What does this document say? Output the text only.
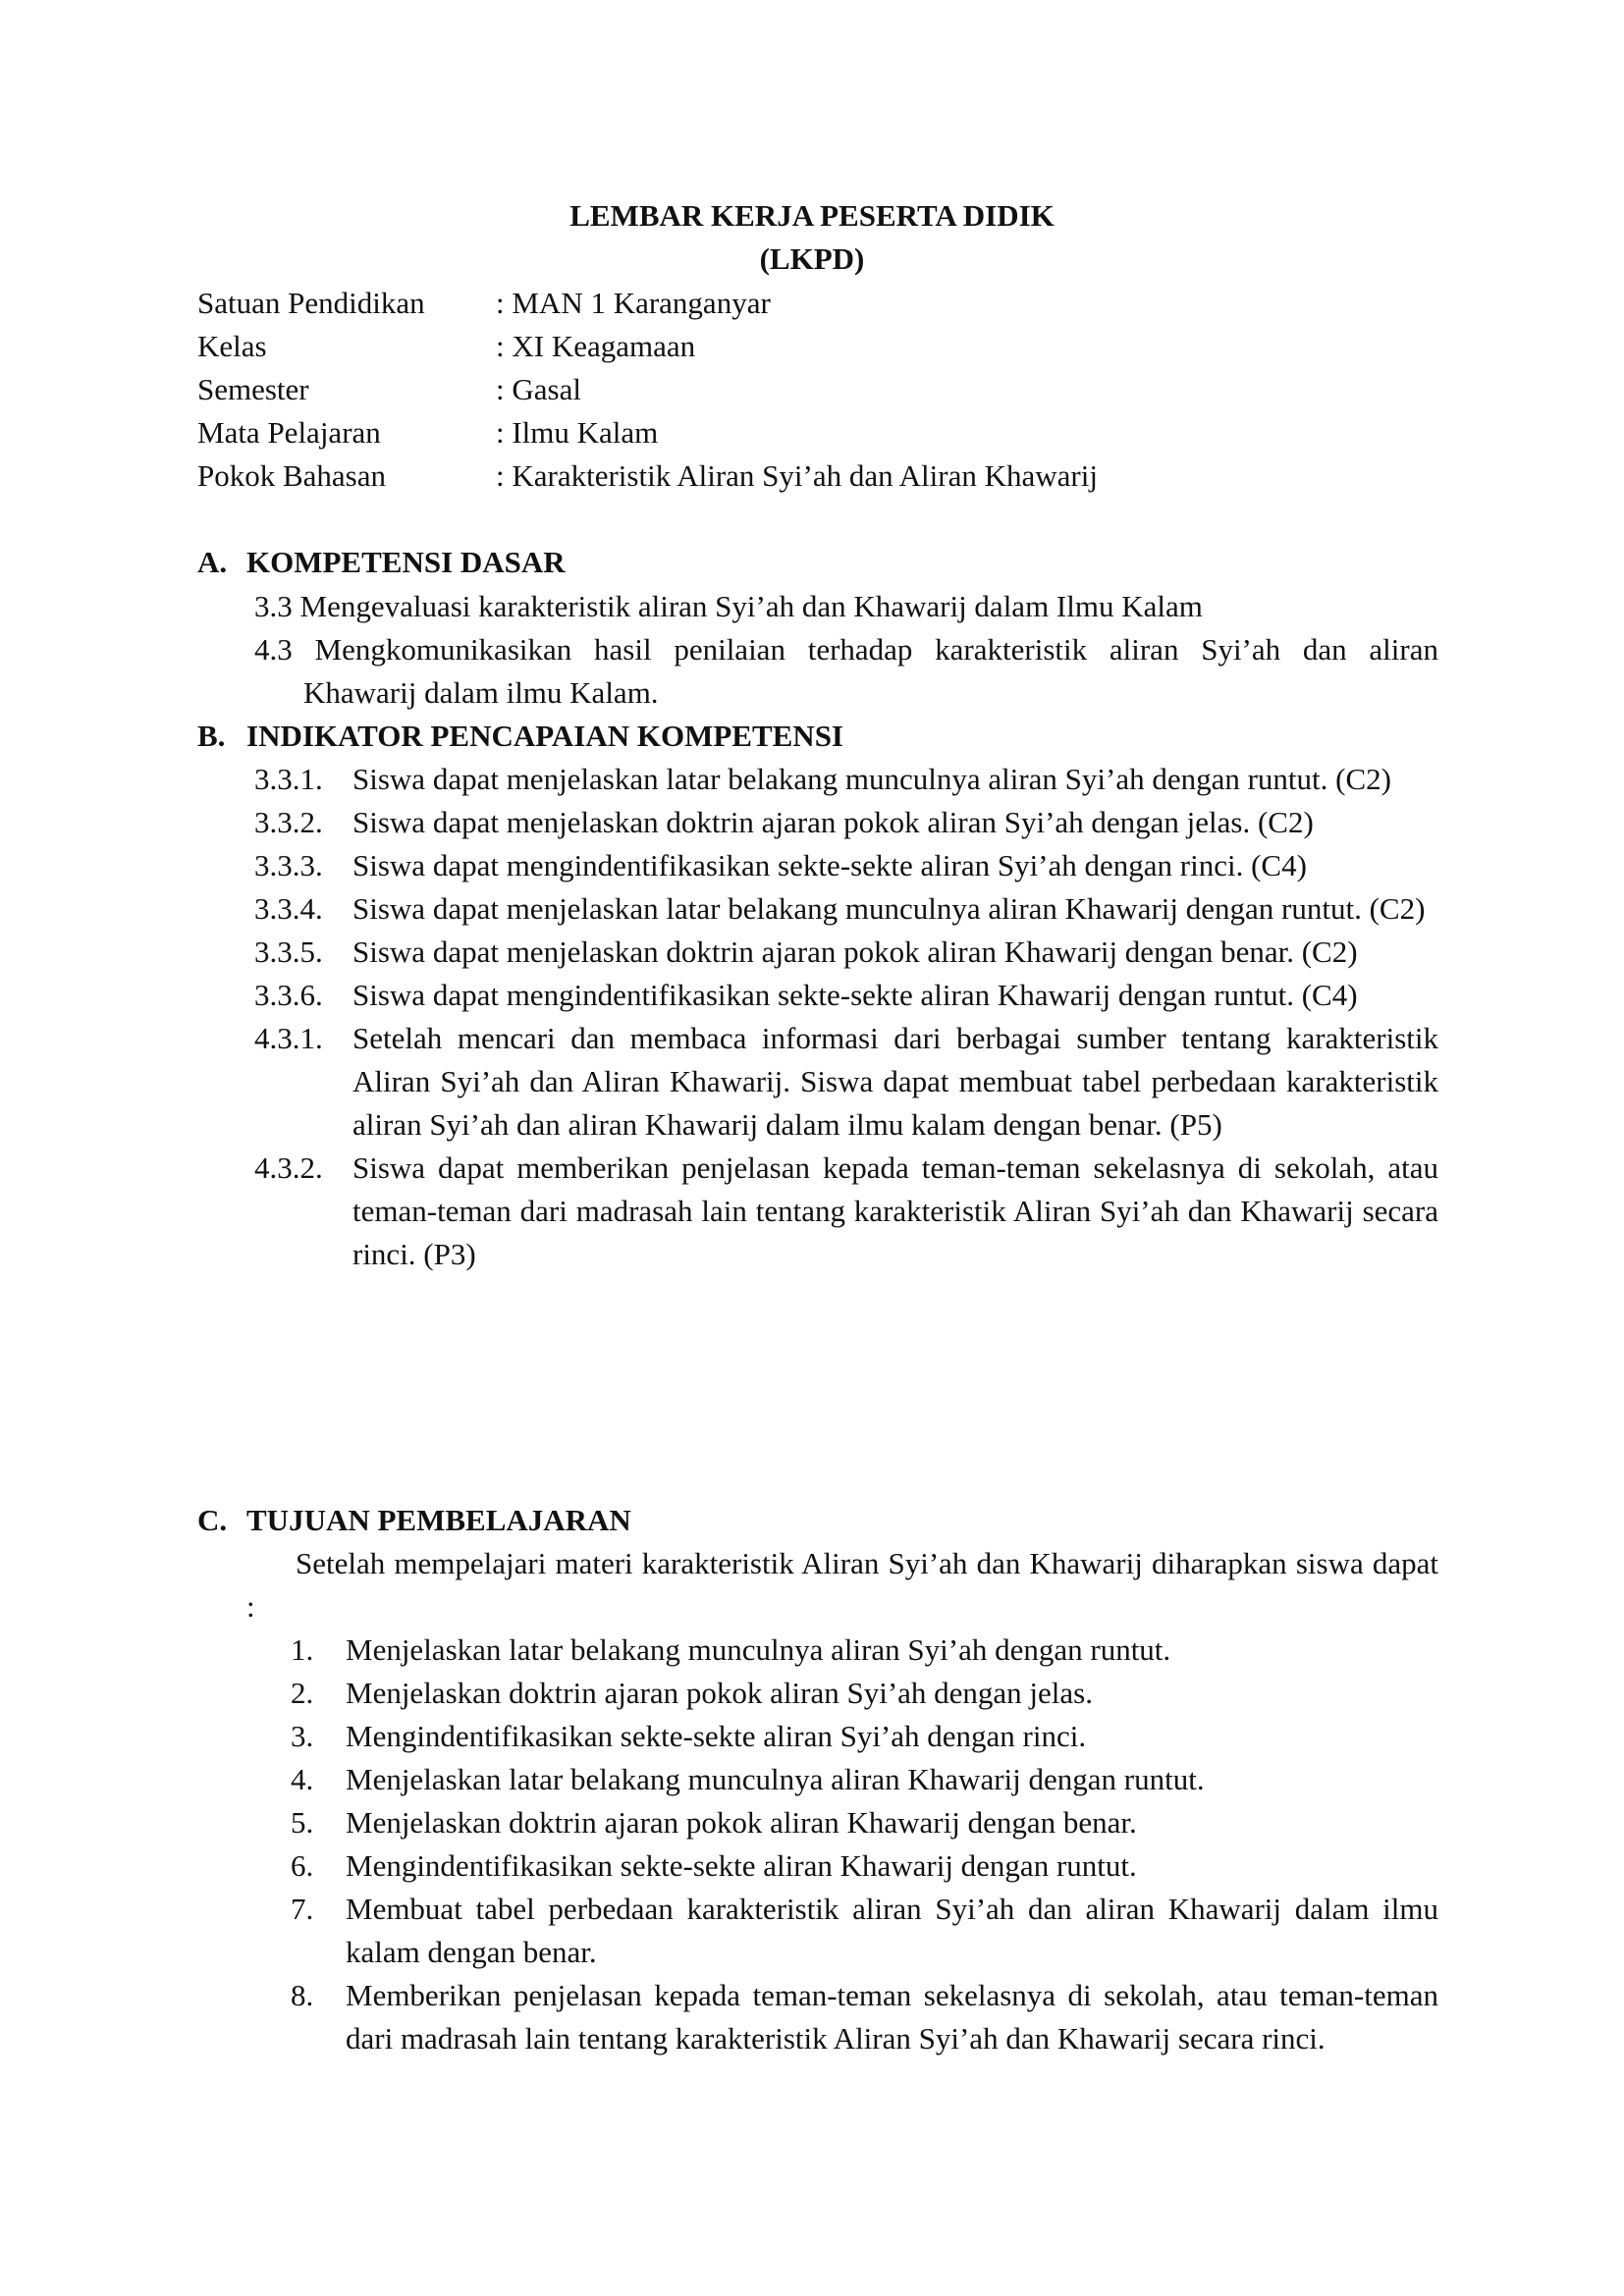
LEMBAR KERJA PESERTA DIDIK
(LKPD)
Satuan Pendidikan : MAN 1 Karanganyar
Kelas	: XI Keagamaan
Semester	: Gasal
Mata Pelajaran	: Ilmu Kalam
Pokok Bahasan	: Karakteristik Aliran Syi’ah dan Aliran Khawarij
A. KOMPETENSI DASAR
3.3 Mengevaluasi karakteristik aliran Syi’ah dan Khawarij dalam Ilmu Kalam
4.3 Mengkomunikasikan hasil penilaian terhadap karakteristik aliran Syi’ah dan aliran
Khawarij dalam ilmu Kalam.
B. INDIKATOR PENCAPAIAN KOMPETENSI
3.3.1. Siswa dapat menjelaskan latar belakang munculnya aliran Syi’ah dengan runtut. (C2)
3.3.2. Siswa dapat menjelaskan doktrin ajaran pokok aliran Syi’ah dengan jelas. (C2)
3.3.3. Siswa dapat mengindentifikasikan sekte-sekte aliran Syi’ah dengan rinci. (C4)
3.3.4. Siswa dapat menjelaskan latar belakang munculnya aliran Khawarij dengan runtut. (C2)
3.3.5. Siswa dapat menjelaskan doktrin ajaran pokok aliran Khawarij dengan benar. (C2)
3.3.6. Siswa dapat mengindentifikasikan sekte-sekte aliran Khawarij dengan runtut. (C4)
4.3.1. Setelah mencari dan membaca informasi dari berbagai sumber tentang karakteristik Aliran Syi’ah dan Aliran Khawarij. Siswa dapat membuat tabel perbedaan karakteristik aliran Syi’ah dan aliran Khawarij dalam ilmu kalam dengan benar. (P5)
4.3.2. Siswa dapat memberikan penjelasan kepada teman-teman sekelasnya di sekolah, atau teman-teman dari madrasah lain tentang karakteristik Aliran Syi’ah dan Khawarij secara rinci. (P3)
C. TUJUAN PEMBELAJARAN
Setelah mempelajari materi karakteristik Aliran Syi’ah dan Khawarij diharapkan siswa dapat :
1.	Menjelaskan latar belakang munculnya aliran Syi’ah dengan runtut.
2.	Menjelaskan doktrin ajaran pokok aliran Syi’ah dengan jelas.
3.	Mengindentifikasikan sekte-sekte aliran Syi’ah dengan rinci.
4.	Menjelaskan latar belakang munculnya aliran Khawarij dengan runtut.
5.	Menjelaskan doktrin ajaran pokok aliran Khawarij dengan benar.
6.	Mengindentifikasikan sekte-sekte aliran Khawarij dengan runtut.
7.	Membuat tabel perbedaan karakteristik aliran Syi’ah dan aliran Khawarij dalam ilmu kalam dengan benar.
8.	Memberikan penjelasan kepada teman-teman sekelasnya di sekolah, atau teman-teman dari madrasah lain tentang karakteristik Aliran Syi’ah dan Khawarij secara rinci.
